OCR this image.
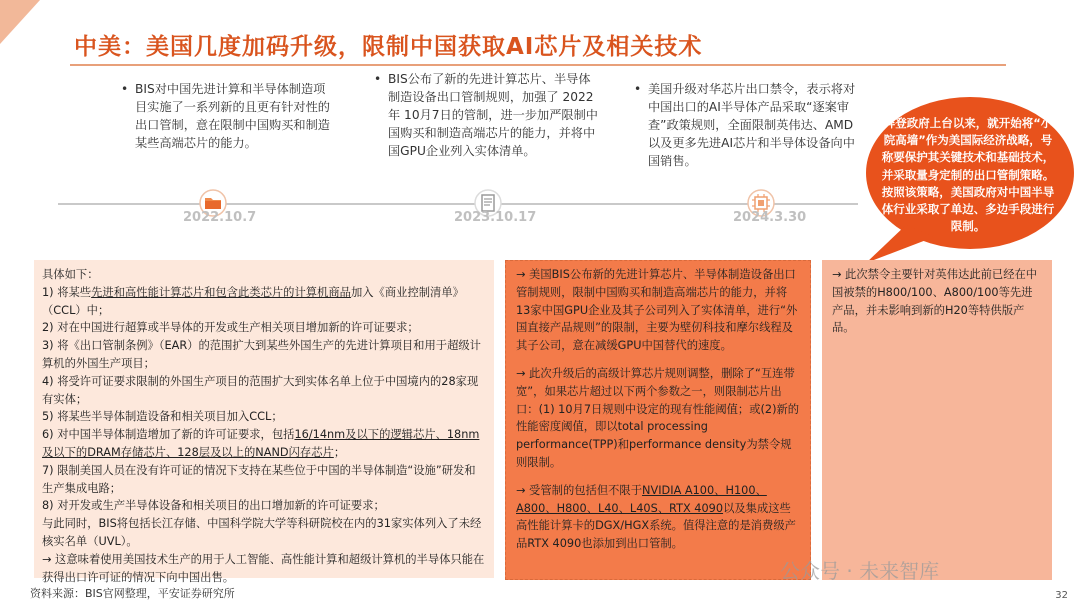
中美：美国几度加码升级，限制中国获取AI芯片及相关技术
• BIS对中国先进计算和半导体制造项目实施了一系列新的且更有针对性的出口管制，意在限制中国购买和制造某些高端芯片的能力。
• BIS公布了新的先进计算芯片、半导体制造设备出口管制规则，加强了 2022 年 10月7日的管制，进一步加严限制中国购买和制造高端芯片的能力，并将中国GPU企业列入实体清单。
• 美国升级对华芯片出口禁令，表示将对中国出口的AI半导体产品采取“逐案审查”政策规则，全面限制英伟达、AMD以及更多先进AI芯片和半导体设备向中国销售。
2022.10.7	2023.10.17	2024.3.30
拜登政府上台以来，就开始将“小院高墙”作为美国际经济战略，号称要保护其关键技术和基础技术，并采取量身定制的出口管制策略。按照该策略，美国政府对中国半导体行业采取了单边、多边手段进行限制。

具体如下：

1) 将某些先进和高性能计算芯片和包含此类芯片的计算机商品加入《商业控制清单》（CCL）中；

2) 对在中国进行超算或半导体的开发或生产相关项目增加新的许可证要求；

3) 将《出口管制条例》（EAR）的范围扩大到某些外国生产的先进计算项目和用于超级计算机的外国生产项目；

4) 将受许可证要求限制的外国生产项目的范围扩大到实体名单上位于中国境内的28家现有实体；

5) 将某些半导体制造设备和相关项目加入CCL；

6) 对中国半导体制造增加了新的许可证要求，包括16/14nm及以下的逻辑芯片、18nm及以下的DRAM存储芯片、128层及以上的NAND闪存芯片；

7) 限制美国人员在没有许可证的情况下支持在某些位于中国的半导体制造“设施”研发和生产集成电路；

8) 对开发或生产半导体设备和相关项目的出口增加新的许可证要求；

与此同时，BIS将包括长江存储、中国科学院大学等科研院校在内的31家实体列入了未经核实名单（UVL）。

→ 这意味着使用美国技术生产的用于人工智能、高性能计算和超级计算机的半导体只能在获得出口许可证的情况下向中国出售。

→ 美国BIS公布新的先进计算芯片、半导体制造设备出口管制规则，限制中国购买和制造高端芯片的能力，并将13家中国GPU企业及其子公司列入了实体清单，进行“外国直接产品规则”的限制，主要为壁仞科技和摩尔线程及其子公司，意在减缓GPU中国替代的速度。

→ 此次升级后的高级计算芯片规则调整，删除了“互连带宽”，如果芯片超过以下两个参数之一，则限制芯片出口：(1) 10月7日规则中设定的现有性能阈值；或(2)新的性能密度阈值，即以total processing performance(TPP)和performance density为禁令规则限制。

→ 受管制的包括但不限于NVIDIA A100、H100、A800、H800、L40、L40S、RTX 4090以及集成这些高性能计算卡的DGX/HGX系统。值得注意的是消费级产品RTX 4090也添加到出口管制。

→ 此次禁令主要针对英伟达此前已经在中国被禁的H800/100、A800/100等先进产品，并未影响到新的H20等特供版产品。

资料来源：BIS官网整理，平安证券研究所
公众号 · 未来智库
32
